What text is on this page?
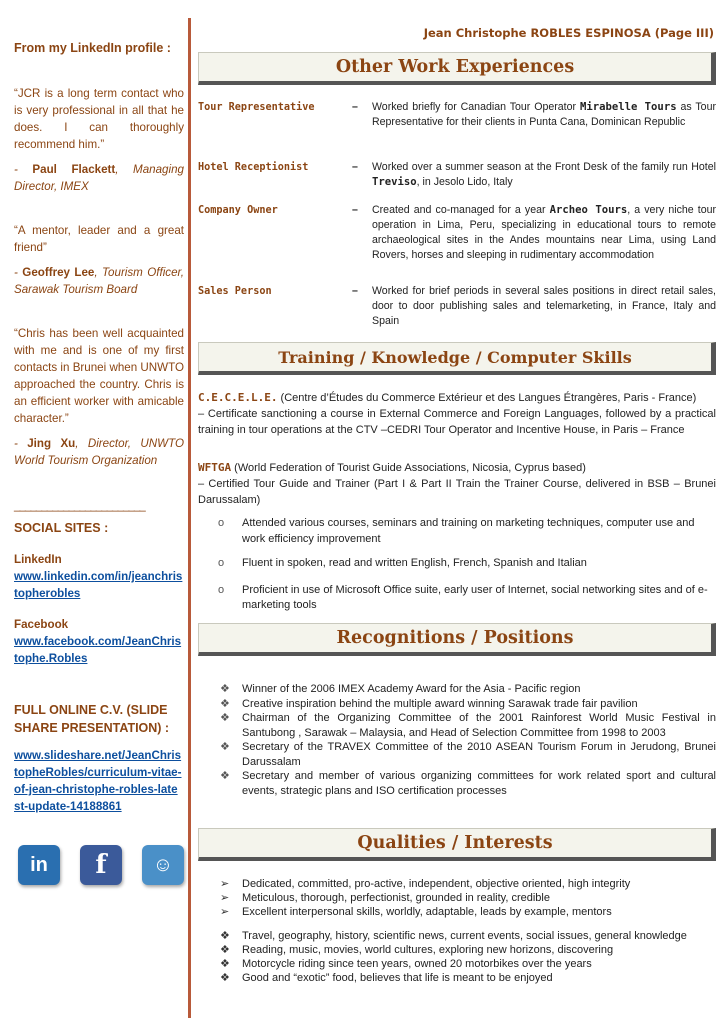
From my LinkedIn profile :
“JCR is a long term contact who is very professional in all that he does. I can thoroughly recommend him.”
- Paul Flackett, Managing Director, IMEX
“A mentor, leader and a great friend”
- Geoffrey Lee, Tourism Officer, Sarawak Tourism Board
“Chris has been well acquainted with me and is one of my first contacts in Brunei when UNWTO approached the country. Chris is an efficient worker with amicable character.”
- Jing Xu, Director, UNWTO World Tourism Organization
________________________
SOCIAL SITES :
LinkedIn
www.linkedin.com/in/jeanchristopherobles
Facebook
www.facebook.com/JeanChristophe.Robles
FULL ONLINE C.V. (SLIDE SHARE PRESENTATION) :
www.slideshare.net/JeanChristopheRobles/curriculum-vitae-of-jean-christophe-robles-latest-update-14188861
in	f	☺
Jean Christophe ROBLES ESPINOSA (Page III)
Other Work Experiences
Tour Representative	– Worked briefly for Canadian Tour Operator Mirabelle Tours as Tour Representative for their clients in Punta Cana, Dominican Republic
Hotel Receptionist	– Worked over a summer season at the Front Desk of the family run Hotel Treviso, in Jesolo Lido, Italy
Company Owner	– Created and co-managed for a year Archeo Tours, a very niche tour operation in Lima, Peru, specializing in educational tours to remote archaeological sites in the Andes mountains near Lima, using Land Rovers, horses and sleeping in rudimentary accommodation
Sales Person	– Worked for brief periods in several sales positions in direct retail sales, door to door publishing sales and telemarketing, in France, Italy and Spain
Training / Knowledge / Computer Skills
C.E.C.E.L.E. (Centre d’Études du Commerce Extérieur et des Langues Étrangères, Paris - France)
– Certificate sanctioning a course in External Commerce and Foreign Languages, followed by a practical training in tour operations at the CTV –CEDRI Tour Operator and Incentive House, in Paris – France
WFTGA (World Federation of Tourist Guide Associations, Nicosia, Cyprus based)
– Certified Tour Guide and Trainer (Part I & Part II Train the Trainer Course, delivered in BSB – Brunei Darussalam)
o	Attended various courses, seminars and training on marketing techniques, computer use and work efficiency improvement
o	Fluent in spoken, read and written English, French, Spanish and Italian
o	Proficient in use of Microsoft Office suite, early user of Internet, social networking sites and of e-marketing tools
Recognitions / Positions
❖	Winner of the 2006 IMEX Academy Award for the Asia - Pacific region
❖	Creative inspiration behind the multiple award winning Sarawak trade fair pavilion
❖	Chairman of the Organizing Committee of the 2001 Rainforest World Music Festival in Santubong , Sarawak – Malaysia, and Head of Selection Committee from 1998 to 2003
❖	Secretary of the TRAVEX Committee of the 2010 ASEAN Tourism Forum in Jerudong, Brunei Darussalam
❖	Secretary and member of various organizing committees for work related sport and cultural events, strategic plans and ISO certification processes
Qualities / Interests
➢	Dedicated, committed, pro-active, independent, objective oriented, high integrity
➢	Meticulous, thorough, perfectionist, grounded in reality, credible
➢	Excellent interpersonal skills, worldly, adaptable, leads by example, mentors
❖	Travel, geography, history, scientific news, current events, social issues, general knowledge
❖	Reading, music, movies, world cultures, exploring new horizons, discovering
❖	Motorcycle riding since teen years, owned 20 motorbikes over the years
❖	Good and “exotic” food, believes that life is meant to be enjoyed
